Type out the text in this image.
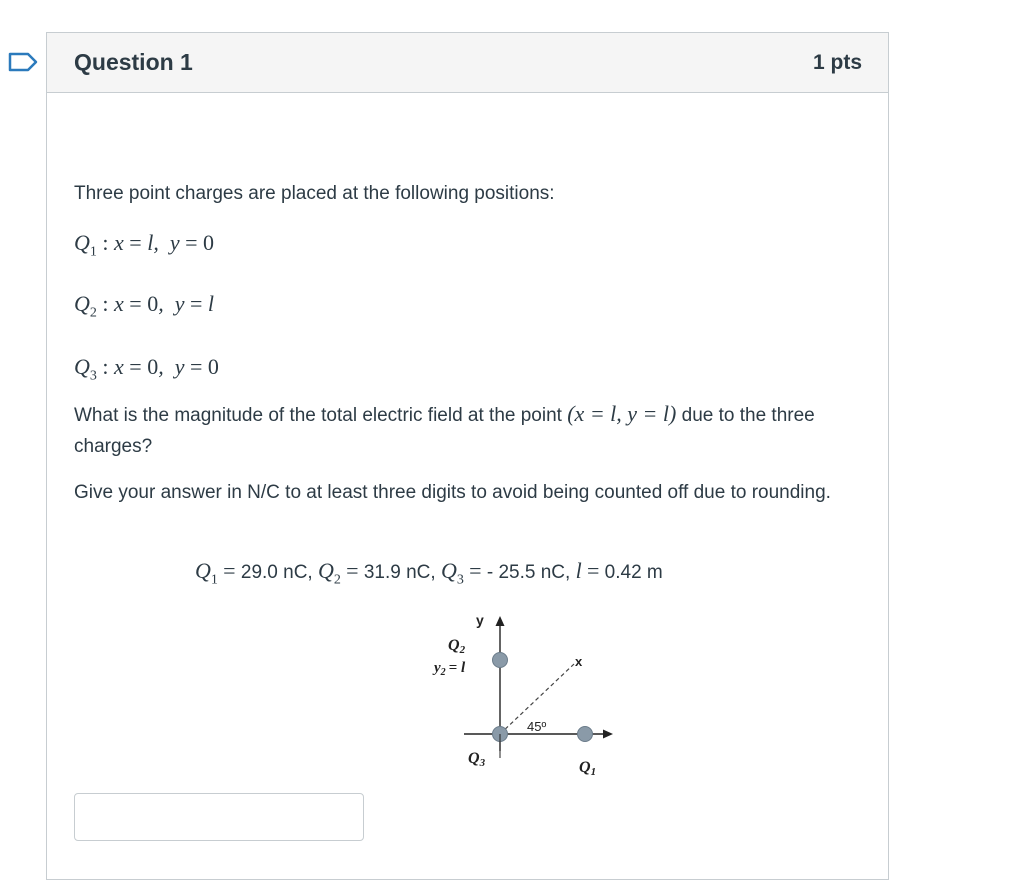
Question 1	1 pts

Three point charges are placed at the following positions:

$Q_1$ : x = l,  y = 0

$Q_2$ : x = 0,  y = l

$Q_3$ : x = 0,  y = 0

What is the magnitude of the total electric field at the point (x = l, y = l) due to the three charges?

Give your answer in N/C to at least three digits to avoid being counted off due to rounding.

$Q_1 = 29.0$ nC, $Q_2 = 31.9$ nC, $Q_3$ = - 25.5 nC, l = 0.42 m

y
x
Q2
$y_2 = l$
45º
Q3	Q1
